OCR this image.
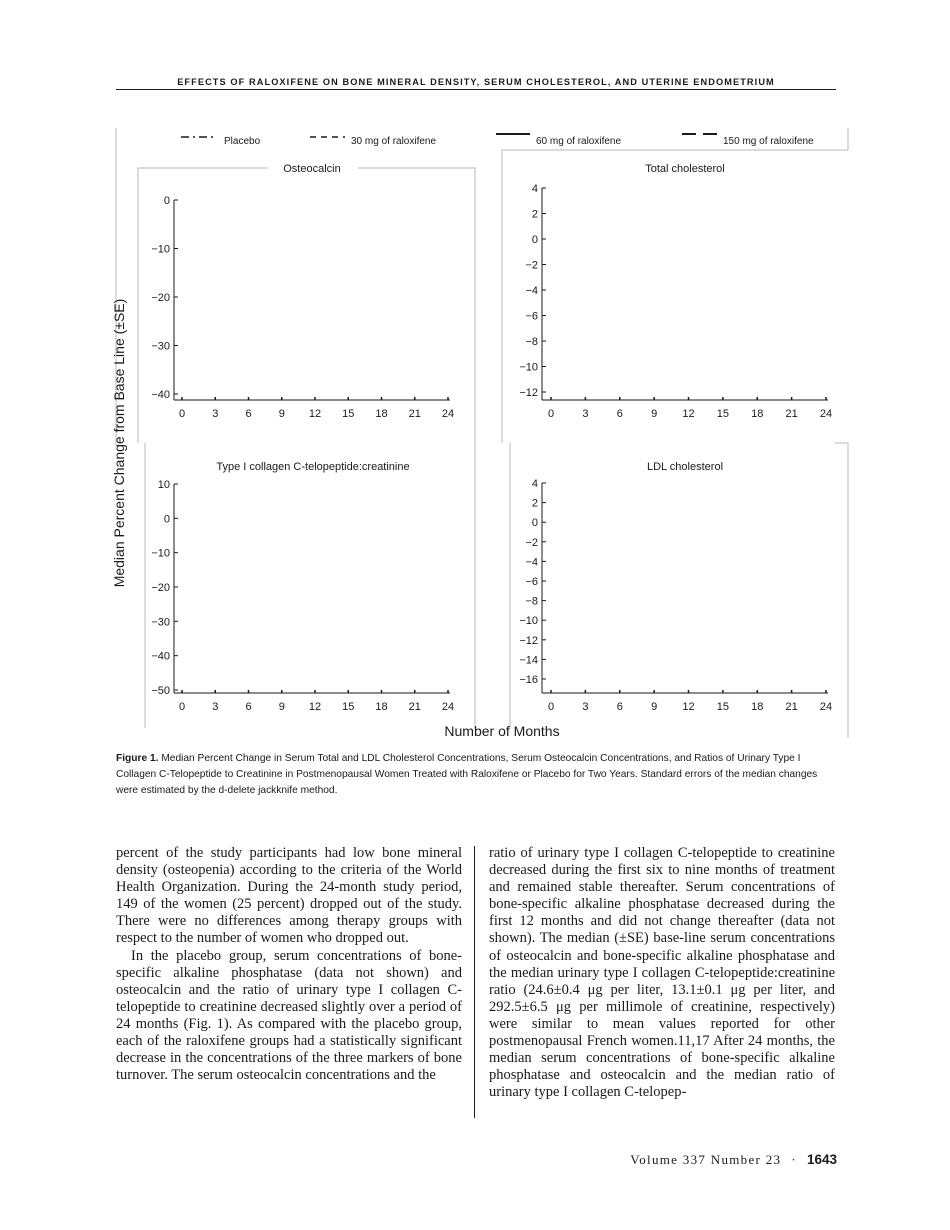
EFFECTS OF RALOXIFENE ON BONE MINERAL DENSITY, SERUM CHOLESTEROL, AND UTERINE ENDOMETRIUM
Placebo	30 mg of raloxifene	60 mg of raloxifene	150 mg of raloxifene
Median Percent Change from Base Line (±SE)
Number of Months
Osteocalcin
0 3 6 9 12 15 18 21 24
0
−10
−20
−30
−40
Total cholesterol
0	3	6	9 12 15 18 21 24
4
2
0
−2
−4
−6
−8
−10
−12
Type I collagen C-telopeptide:creatinine
0 3 6 9 12 15 18 21 24
10
0
−10
−20
−30
−40
−50
LDL cholesterol
0	3	6	9 12 15 18 21 24
4
2
0
−2
−4
−6
−8
−10
−12
−14
−16
Figure 1. Median Percent Change in Serum Total and LDL Cholesterol Concentrations, Serum Osteocalcin Concentrations, and Ratios of Urinary Type I Collagen C-Telopeptide to Creatinine in Postmenopausal Women Treated with Raloxifene or Placebo for Two Years. Standard errors of the median changes were estimated by the d-delete jackknife method.

percent of the study participants had low bone mineral density (osteopenia) according to the criteria of the World Health Organization. During the 24-month study period, 149 of the women (25 percent) dropped out of the study. There were no differences among therapy groups with respect to the number of women who dropped out.

In the placebo group, serum concentrations of bone-specific alkaline phosphatase (data not shown) and osteocalcin and the ratio of urinary type I collagen C-telopeptide to creatinine decreased slightly over a period of 24 months (Fig. 1). As compared with the placebo group, each of the raloxifene groups had a statistically significant decrease in the concentrations of the three markers of bone turnover. The serum osteocalcin concentrations and the

ratio of urinary type I collagen C-telopeptide to creatinine decreased during the first six to nine months of treatment and remained stable thereafter. Serum concentrations of bone-specific alkaline phosphatase decreased during the first 12 months and did not change thereafter (data not shown). The median (±SE) base-line serum concentrations of osteocalcin and bone-specific alkaline phosphatase and the median urinary type I collagen C-telopeptide:creatinine ratio (24.6±0.4 μg per liter, 13.1±0.1 μg per liter, and 292.5±6.5 μg per millimole of creatinine, respectively) were similar to mean values reported for other postmenopausal French women.11,17 After 24 months, the median serum concentrations of bone-specific alkaline phosphatase and osteocalcin and the median ratio of urinary type I collagen C-telopep-

Volume 337 Number 23 · 1643
